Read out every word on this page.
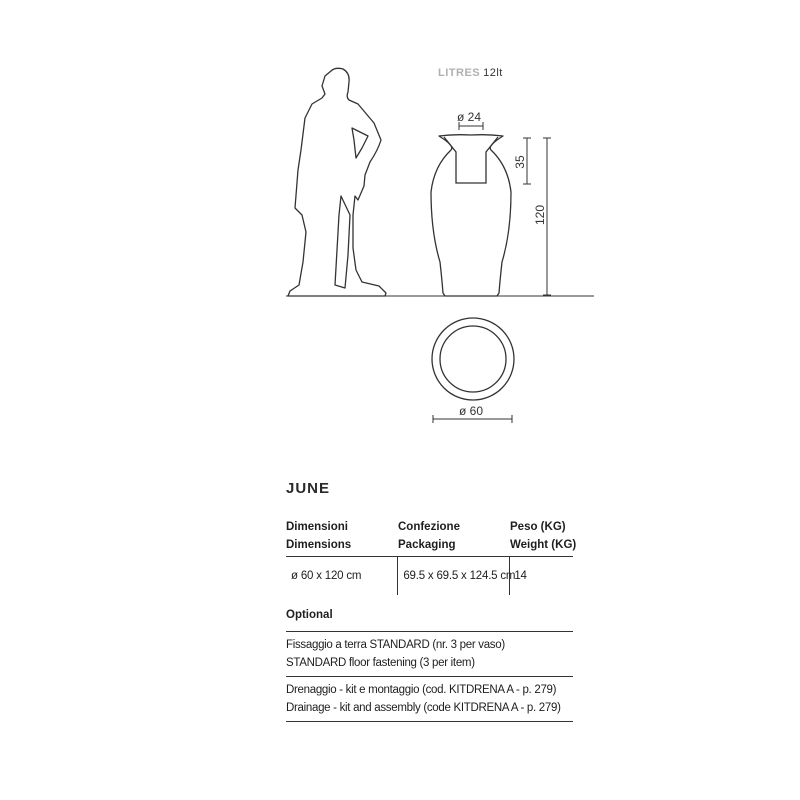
ø 24
35
120
ø 60
LITRES 12lt
JUNE
Dimensioni
Dimensions
Confezione
Packaging
Peso (KG)
Weight (KG)
ø 60 x 120 cm	69.5 x 69.5 x 124.5 cm 14
Optional
Fissaggio a terra STANDARD (nr. 3 per vaso)
STANDARD floor fastening (3 per item)
Drenaggio - kit e montaggio (cod. KITDRENA A - p. 279)
Drainage - kit and assembly (code KITDRENA A - p. 279)
